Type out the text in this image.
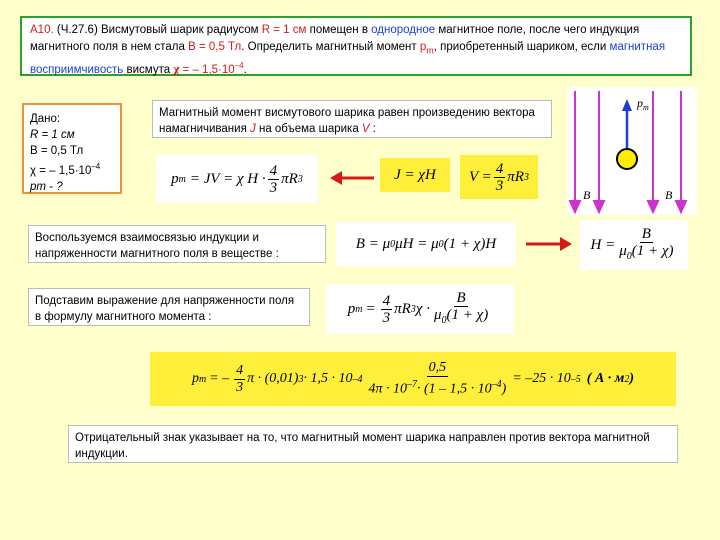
A10. (Ч.27.6) Висмутовый шарик радиусом R = 1 см помещен в однородное магнитное поле, после чего индукция магнитного поля в нем стала B = 0,5 Тл. Определить магнитный момент $p_m$, приобретенный шариком, если магнитная восприимчивость висмута χ = – $1,5\cdot 10^{-4}$.
Дано:
R = 1 см
B = 0,5 Тл
χ = – $1,5\cdot 10^{-4}$
pm - ?
Магнитный момент висмутового шарика равен произведению вектора намагничивания J на объема шарика V :
p m = JV = χ $H \cdot \frac{4}{3}$ πR 3	J = χH	$V = \frac{4}{3}$ πR 3
$p_m$
B	B
Воспользуемся взаимосвязью индукции и напряженности магнитного поля в веществе :
B = μ 0 μH = μ 0 (1 + χ)H	$H = \frac{B}{\mu_0(1 + \chi)}$
Подставим выражение для напряженности поля в формулу магнитного момента :
p $m = \frac{4}{3}$ πR 3 $\chi \cdot \frac{B}{\mu_0(1 + \chi)}$
p m = – $\frac{4}{3}$ π · (0,01) 3 · 1,5 · 10 $-4 \frac{0,5}{4\pi \cdot 10^{-7}\cdot (1 - 1,5 \cdot 10^{-4})} = -25 \cdot 10$ –5 ( А · м 2 )
Отрицательный знак указывает на то, что магнитный момент шарика направлен против вектора магнитной индукции.
